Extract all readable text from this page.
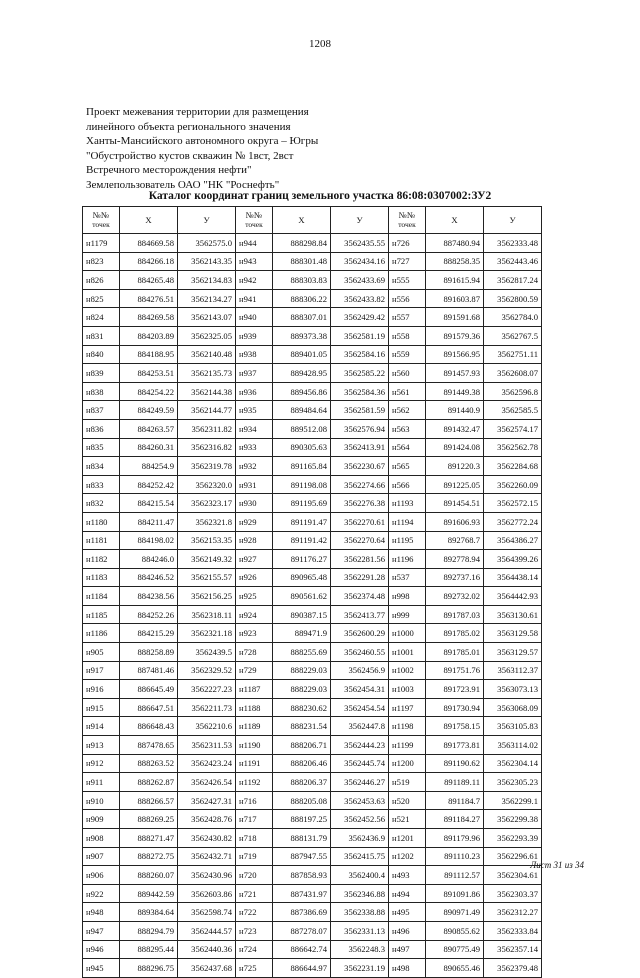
1208
Проект межевания территории для размещения
линейного объекта регионального значения
Ханты-Мансийского автономного округа – Югры
"Обустройство кустов скважин № 1вст, 2вст
Встречного месторождения нефти"
Землепользователь ОАО "НК "Роснефть"
Каталог координат границ земельного участка 86:08:0307002:ЗУ2
№№
точек	X	У	№№
точек	X	У	№№
точек	X	У
н1179	884669.58	3562575.0	н944	888298.84	3562435.55	н726	887480.94	3562333.48
н823	884266.18	3562143.35	н943	888301.48	3562434.16	н727	888258.35	3562443.46
н826	884265.48	3562134.83	н942	888303.83	3562433.69	н555	891615.94	3562817.24
н825	884276.51	3562134.27	н941	888306.22	3562433.82	н556	891603.87	3562800.59
н824	884269.58	3562143.07	н940	888307.01	3562429.42	н557	891591.68	3562784.0
н831	884203.89	3562325.05	н939	889373.38	3562581.19	н558	891579.36	3562767.5
н840	884188.95	3562140.48	н938	889401.05	3562584.16	н559	891566.95	3562751.11
н839	884253.51	3562135.73	н937	889428.95	3562585.22	н560	891457.93	3562608.07
н838	884254.22	3562144.38	н936	889456.86	3562584.36	н561	891449.38	3562596.8
н837	884249.59	3562144.77	н935	889484.64	3562581.59	н562	891440.9	3562585.5
н836	884263.57	3562311.82	н934	889512.08	3562576.94	н563	891432.47	3562574.17
н835	884260.31	3562316.82	н933	890305.63	3562413.91	н564	891424.08	3562562.78
н834	884254.9	3562319.78	н932	891165.84	3562230.67	н565	891220.3	3562284.68
н833	884252.42	3562320.0	н931	891198.08	3562274.66	н566	891225.05	3562260.09
н832	884215.54	3562323.17	н930	891195.69	3562276.38	н1193	891454.51	3562572.15
н1180	884211.47	3562321.8	н929	891191.47	3562270.61	н1194	891606.93	3562772.24
н1181	884198.02	3562153.35	н928	891191.42	3562270.64	н1195	892768.7	3564386.27
н1182	884246.0	3562149.32	н927	891176.27	3562281.56	н1196	892778.94	3564399.26
н1183	884246.52	3562155.57	н926	890965.48	3562291.28	н537	892737.16	3564438.14
н1184	884238.56	3562156.25	н925	890561.62	3562374.48	н998	892732.02	3564442.93
н1185	884252.26	3562318.11	н924	890387.15	3562413.77	н999	891787.03	3563130.61
н1186	884215.29	3562321.18	н923	889471.9	3562600.29	н1000	891785.02	3563129.58
н905	888258.89	3562439.5	н728	888255.69	3562460.55	н1001	891785.01	3563129.57
н917	887481.46	3562329.52	н729	888229.03	3562456.9	н1002	891751.76	3563112.37
н916	886645.49	3562227.23	н1187	888229.03	3562454.31	н1003	891723.91	3563073.13
н915	886647.51	3562211.73	н1188	888230.62	3562454.54	н1197	891730.94	3563068.09
н914	886648.43	3562210.6	н1189	888231.54	3562447.8	н1198	891758.15	3563105.83
н913	887478.65	3562311.53	н1190	888206.71	3562444.23	н1199	891773.81	3563114.02
н912	888263.52	3562423.24	н1191	888206.46	3562445.74	н1200	891190.62	3562304.14
н911	888262.87	3562426.54	н1192	888206.37	3562446.27	н519	891189.11	3562305.23
н910	888266.57	3562427.31	н716	888205.08	3562453.63	н520	891184.7	3562299.1
н909	888269.25	3562428.76	н717	888197.25	3562452.56	н521	891184.27	3562299.38
н908	888271.47	3562430.82	н718	888131.79	3562436.9	н1201	891179.96	3562293.39
н907	888272.75	3562432.71	н719	887947.55	3562415.75	н1202	891110.23	3562296.61
н906	888260.07	3562430.96	н720	887858.93	3562400.4	н493	891112.57	3562304.61
н922	889442.59	3562603.86	н721	887431.97	3562346.88	н494	891091.86	3562303.37
н948	889384.64	3562598.74	н722	887386.69	3562338.88	н495	890971.49	3562312.27
н947	888294.79	3562444.57	н723	887278.07	3562331.13	н496	890855.62	3562333.84
н946	888295.44	3562440.36	н724	886642.74	3562248.3	н497	890775.49	3562357.14
н945	888296.75	3562437.68	н725	886644.97	3562231.19	н498	890655.46	3562379.48
Лист 31 из 34
